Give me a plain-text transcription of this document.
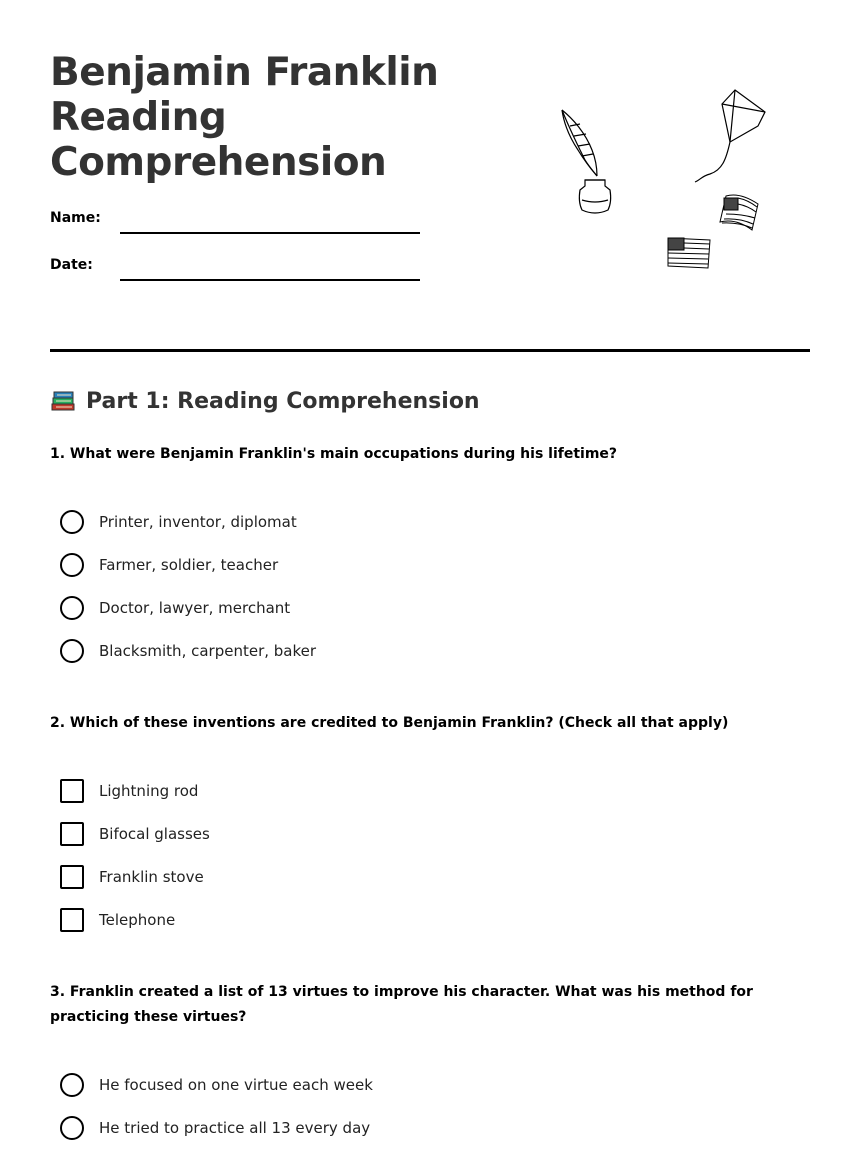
Benjamin Franklin
Reading
Comprehension
Name:
Date:
Part 1: Reading Comprehension
1. What were Benjamin Franklin's main occupations during his lifetime?
Printer, inventor, diplomat
Farmer, soldier, teacher
Doctor, lawyer, merchant
Blacksmith, carpenter, baker
2. Which of these inventions are credited to Benjamin Franklin? (Check all that apply)
Lightning rod
Bifocal glasses
Franklin stove
Telephone
3. Franklin created a list of 13 virtues to improve his character. What was his method for practicing these virtues?
He focused on one virtue each week
He tried to practice all 13 every day
